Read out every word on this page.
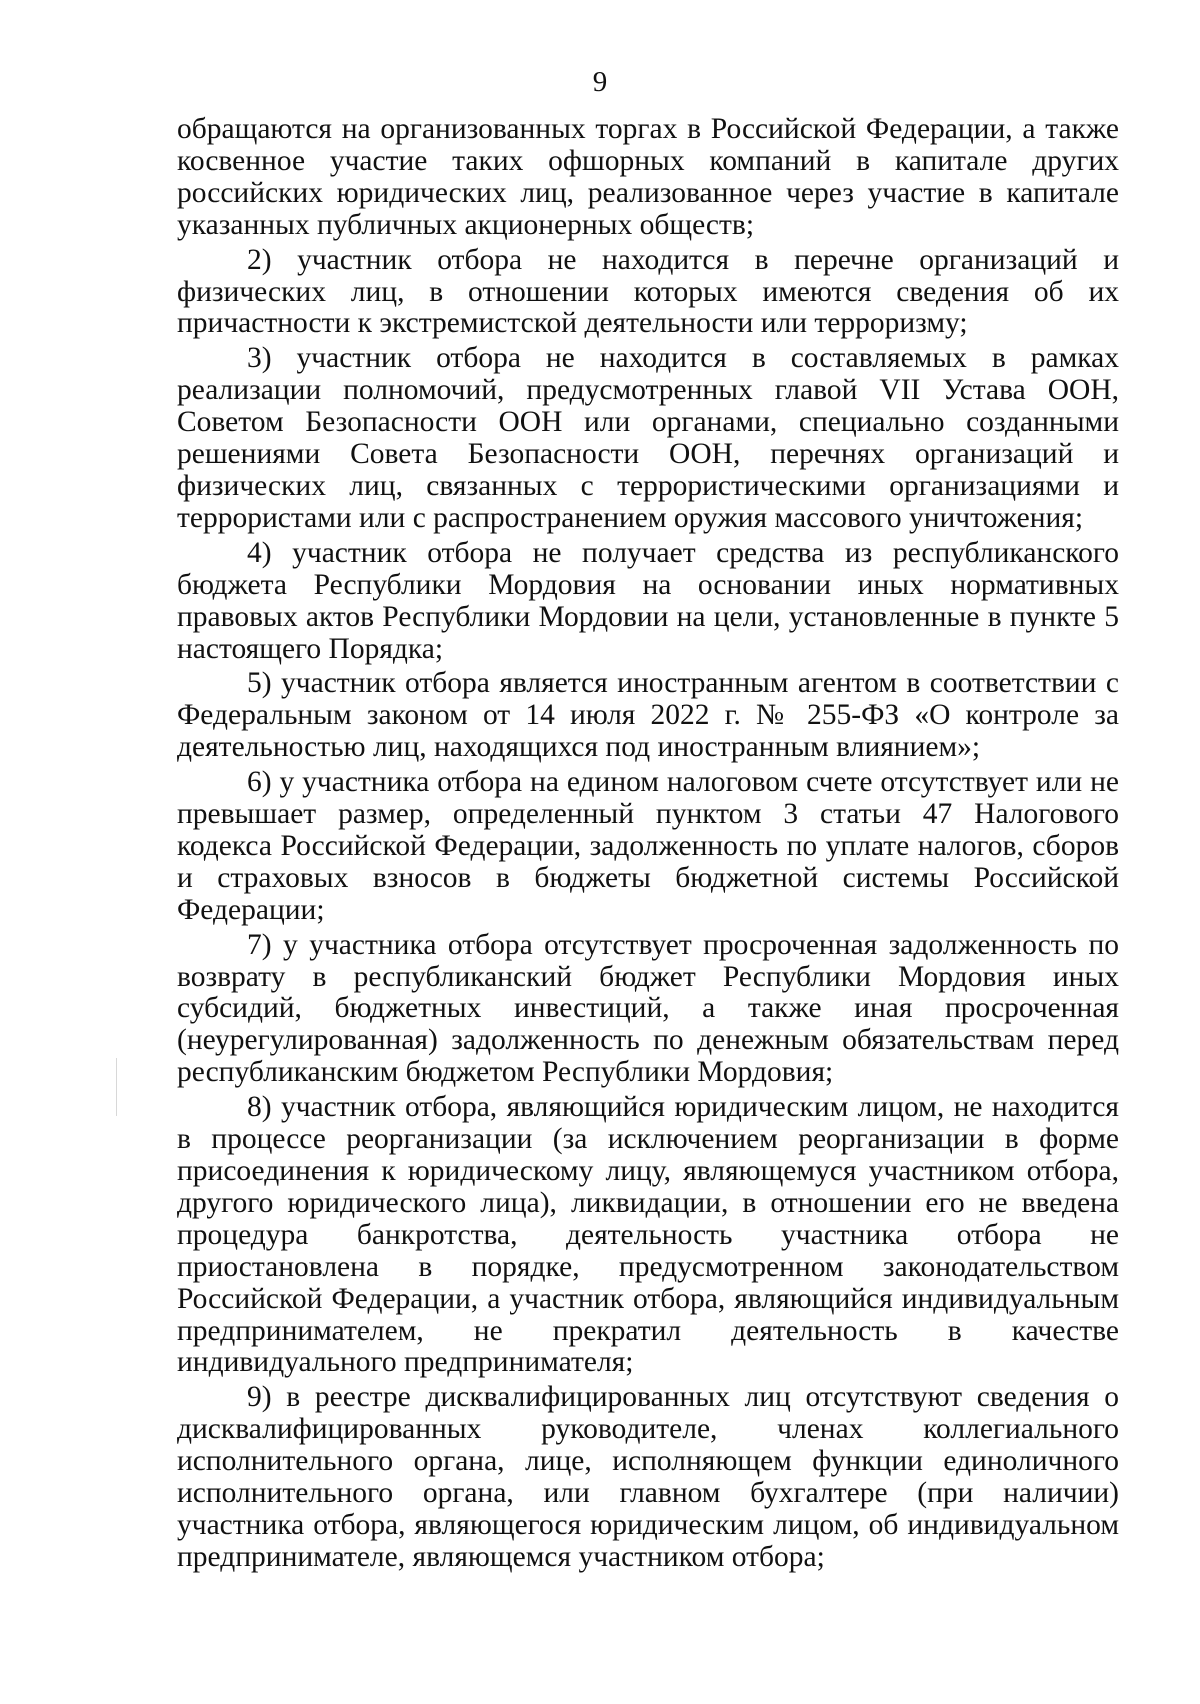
9

обращаются на организованных торгах в Российской Федерации, а также косвенное участие таких офшорных компаний в капитале других российских юридических лиц, реализованное через участие в капитале указанных публичных акционерных обществ;

2) участник отбора не находится в перечне организаций и физических лиц, в отношении которых имеются сведения об их причастности к экстремистской деятельности или терроризму;

3) участник отбора не находится в составляемых в рамках реализации полномочий, предусмотренных главой VII Устава ООН, Советом Безопасности ООН или органами, специально созданными решениями Совета Безопасности ООН, перечнях организаций и физических лиц, связанных с террористическими организациями и террористами или с распространением оружия массового уничтожения;

4) участник отбора не получает средства из республиканского бюджета Республики Мордовия на основании иных нормативных правовых актов Республики Мордовии на цели, установленные в пункте 5 настоящего Порядка;

5) участник отбора является иностранным агентом в соответствии с Федеральным законом от 14 июля 2022 г. № 255-ФЗ «О контроле за деятельностью лиц, находящихся под иностранным влиянием»;

6) у участника отбора на едином налоговом счете отсутствует или не превышает размер, определенный пунктом 3 статьи 47 Налогового кодекса Российской Федерации, задолженность по уплате налогов, сборов и страховых взносов в бюджеты бюджетной системы Российской Федерации;

7) у участника отбора отсутствует просроченная задолженность по возврату в республиканский бюджет Республики Мордовия иных субсидий, бюджетных инвестиций, а также иная просроченная (неурегулированная) задолженность по денежным обязательствам перед республиканским бюджетом Республики Мордовия;

8) участник отбора, являющийся юридическим лицом, не находится в процессе реорганизации (за исключением реорганизации в форме присоединения к юридическому лицу, являющемуся участником отбора, другого юридического лица), ликвидации, в отношении его не введена процедура банкротства, деятельность участника отбора не приостановлена в порядке, предусмотренном законодательством Российской Федерации, а участник отбора, являющийся индивидуальным предпринимателем, не прекратил деятельность в качестве индивидуального предпринимателя;

9) в реестре дисквалифицированных лиц отсутствуют сведения о дисквалифицированных руководителе, членах коллегиального исполнительного органа, лице, исполняющем функции единоличного исполнительного органа, или главном бухгалтере (при наличии) участника отбора, являющегося юридическим лицом, об индивидуальном предпринимателе, являющемся участником отбора;
